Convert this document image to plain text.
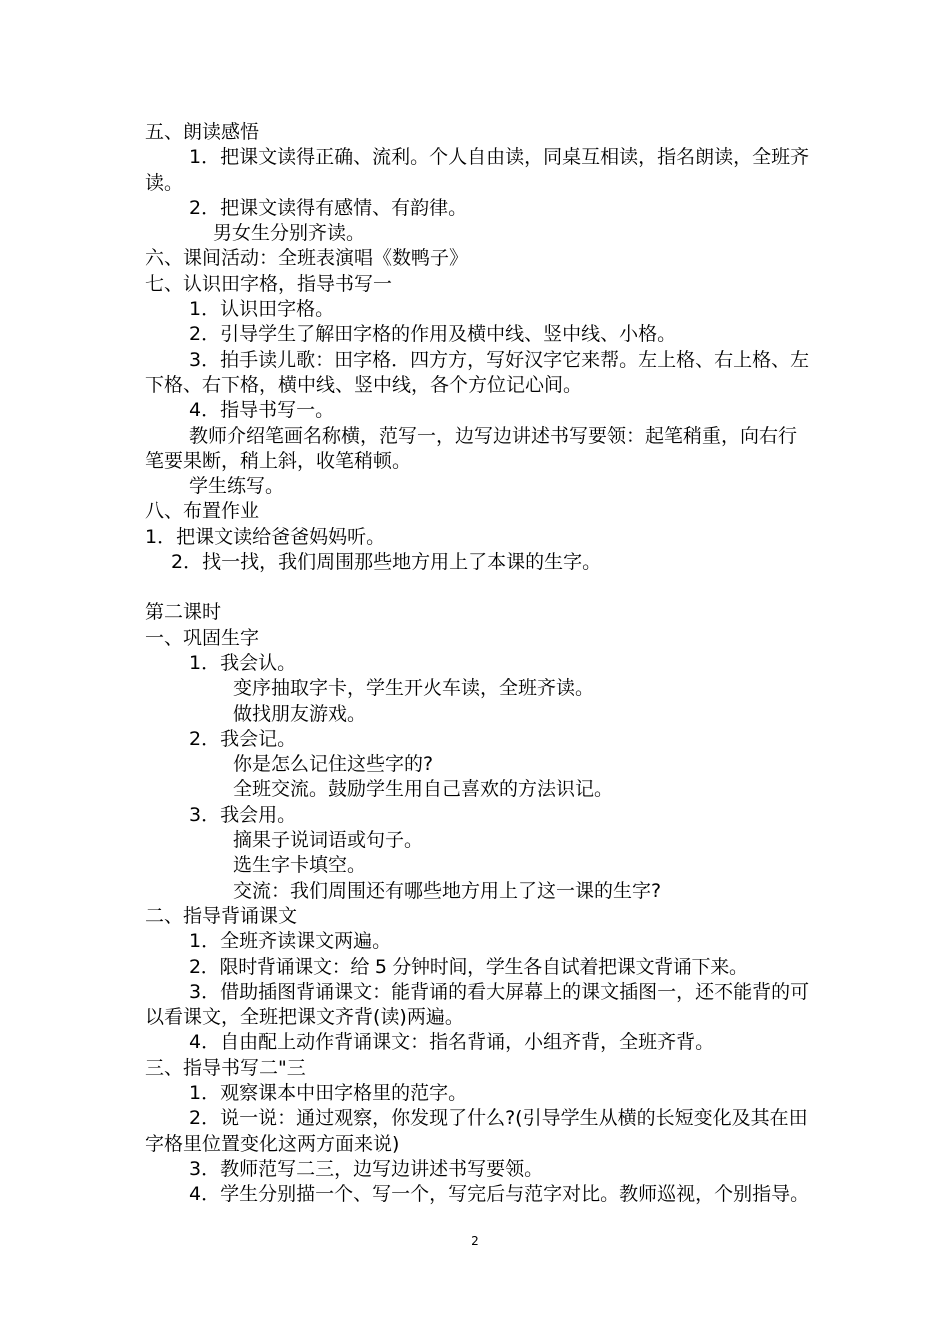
五、朗读感悟
1．把课文读得正确、流利。个人自由读，同桌互相读，指名朗读，全班齐读。
2．把课文读得有感情、有韵律。
男女生分别齐读。
六、课间活动：全班表演唱《数鸭子》
七、认识田字格，指导书写一
1．认识田字格。
2．引导学生了解田字格的作用及横中线、竖中线、小格。
3．拍手读儿歌：田字格．四方方，写好汉字它来帮。左上格、右上格、左下格、右下格，横中线、竖中线，各个方位记心间。
4．指导书写一。
教师介绍笔画名称横，范写一，边写边讲述书写要领：起笔稍重，向右行笔要果断，稍上斜，收笔稍顿。
学生练写。
八、布置作业
1．把课文读给爸爸妈妈听。
2．找一找，我们周围那些地方用上了本课的生字。
第二课时
一、巩固生字
1．我会认。
变序抽取字卡，学生开火车读，全班齐读。
做找朋友游戏。
2．我会记。
你是怎么记住这些字的?
全班交流。鼓励学生用自己喜欢的方法识记。
3．我会用。
摘果子说词语或句子。
选生字卡填空。
交流：我们周围还有哪些地方用上了这一课的生字?
二、指导背诵课文
1．全班齐读课文两遍。
2．限时背诵课文：给 5 分钟时间，学生各自试着把课文背诵下来。
3．借助插图背诵课文：能背诵的看大屏幕上的课文插图一，还不能背的可以看课文，全班把课文齐背(读)两遍。
4．自由配上动作背诵课文：指名背诵，小组齐背，全班齐背。
三、指导书写二"三
1．观察课本中田字格里的范字。
2．说一说：通过观察，你发现了什么?(引导学生从横的长短变化及其在田字格里位置变化这两方面来说)
3．教师范写二三，边写边讲述书写要领。
4．学生分别描一个、写一个，写完后与范字对比。教师巡视，个别指导。
2
